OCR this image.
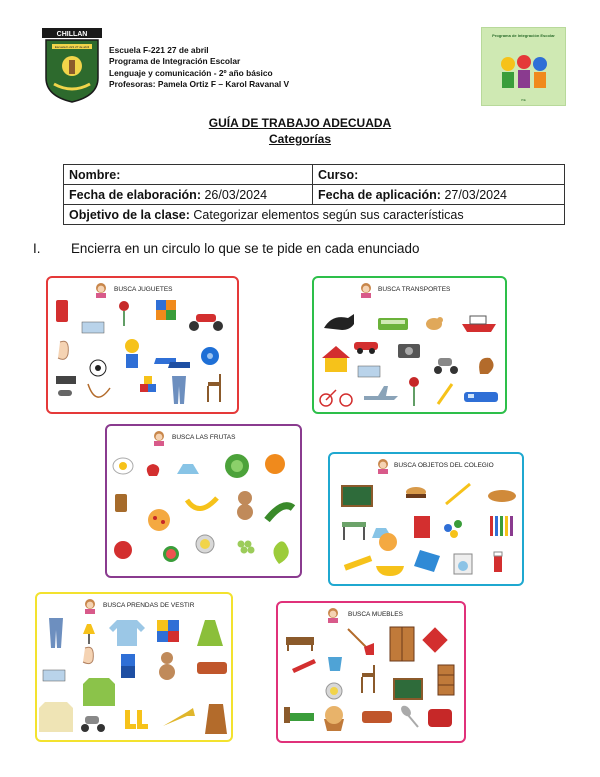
CHILLAN
Escuela F-221 27 de abril Escuela F-221 27 de abril
Programa de Integración Escolar
Lenguaje y comunicación - 2º año básico
Profesoras: Pamela Ortiz F – Karol Ravanal V
Programa de Integración Escolar
PIE
GUÍA DE TRABAJO ADECUADA
Categorías
Nombre:	Curso:
Fecha de elaboración: 26/03/2024	Fecha de aplicación: 27/03/2024
Objetivo de la clase: Categorizar elementos según sus características	
I. Encierra en un circulo lo que se te pide en cada enunciado
BUSCA JUGUETES	BUSCA TRANSPORTES
BUSCA LAS FRUTAS
BUSCA OBJETOS DEL COLEGIO
BUSCA PRENDAS DE VESTIR
BUSCA MUEBLES
